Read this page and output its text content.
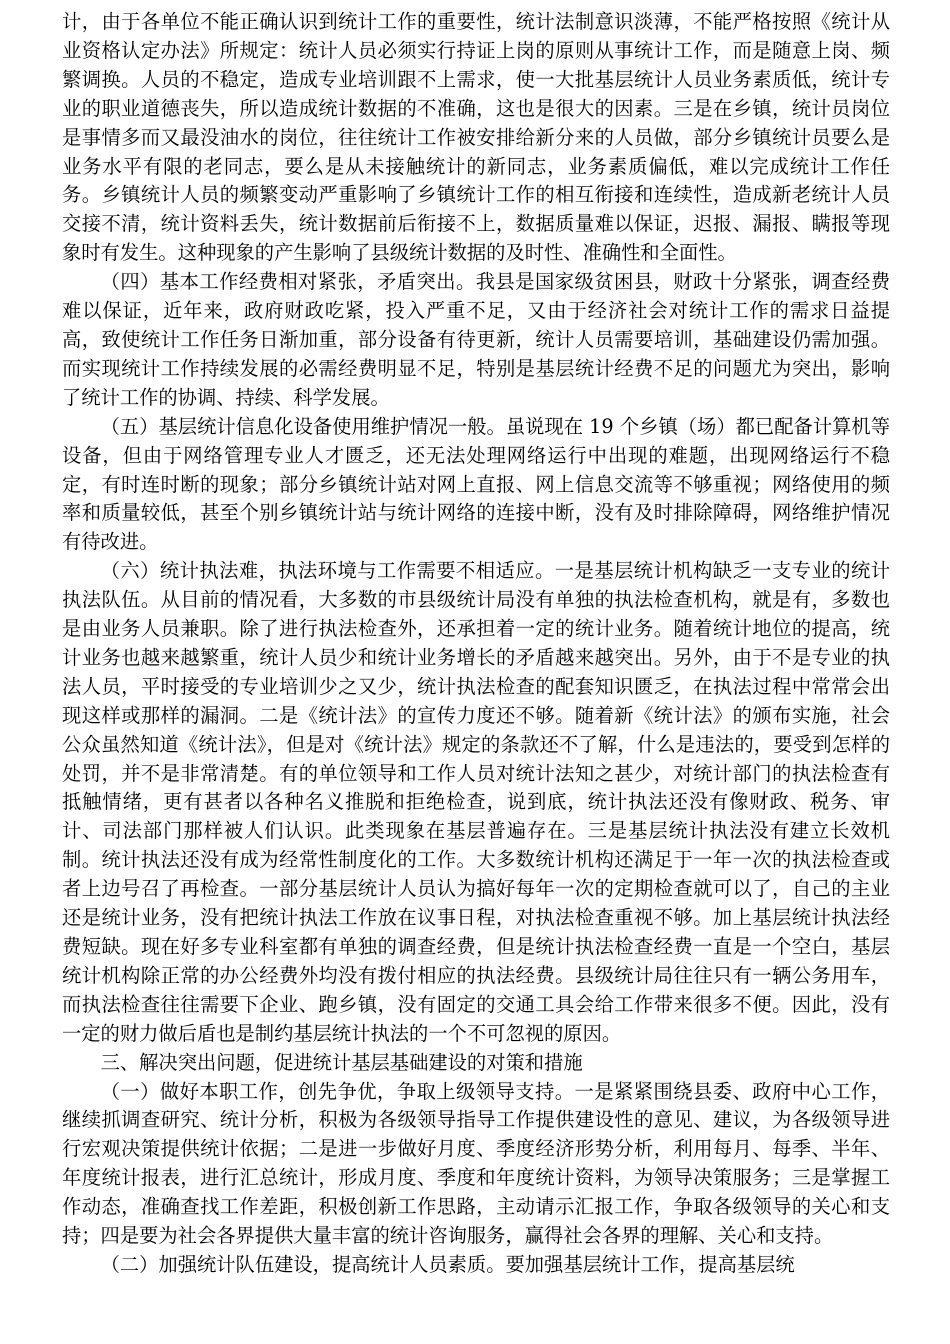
计，由于各单位不能正确认识到统计工作的重要性，统计法制意识淡薄，不能严格按照《统计从业资格认定办法》所规定：统计人员必须实行持证上岗的原则从事统计工作，而是随意上岗、频繁调换。人员的不稳定，造成专业培训跟不上需求，使一大批基层统计人员业务素质低，统计专业的职业道德丧失，所以造成统计数据的不准确，这也是很大的因素。三是在乡镇，统计员岗位是事情多而又最没油水的岗位，往往统计工作被安排给新分来的人员做，部分乡镇统计员要么是业务水平有限的老同志，要么是从未接触统计的新同志，业务素质偏低，难以完成统计工作任务。乡镇统计人员的频繁变动严重影响了乡镇统计工作的相互衔接和连续性，造成新老统计人员交接不清，统计资料丢失，统计数据前后衔接不上，数据质量难以保证，迟报、漏报、瞒报等现象时有发生。这种现象的产生影响了县级统计数据的及时性、准确性和全面性。

（四）基本工作经费相对紧张，矛盾突出。我县是国家级贫困县，财政十分紧张，调查经费难以保证，近年来，政府财政吃紧，投入严重不足，又由于经济社会对统计工作的需求日益提高，致使统计工作任务日渐加重，部分设备有待更新，统计人员需要培训，基础建设仍需加强。而实现统计工作持续发展的必需经费明显不足，特别是基层统计经费不足的问题尤为突出，影响了统计工作的协调、持续、科学发展。

（五）基层统计信息化设备使用维护情况一般。虽说现在 19 个乡镇（场）都已配备计算机等设备，但由于网络管理专业人才匮乏，还无法处理网络运行中出现的难题，出现网络运行不稳定，有时连时断的现象；部分乡镇统计站对网上直报、网上信息交流等不够重视；网络使用的频率和质量较低，甚至个别乡镇统计站与统计网络的连接中断，没有及时排除障碍，网络维护情况有待改进。

（六）统计执法难，执法环境与工作需要不相适应。一是基层统计机构缺乏一支专业的统计执法队伍。从目前的情况看，大多数的市县级统计局没有单独的执法检查机构，就是有，多数也是由业务人员兼职。除了进行执法检查外，还承担着一定的统计业务。随着统计地位的提高，统计业务也越来越繁重，统计人员少和统计业务增长的矛盾越来越突出。另外，由于不是专业的执法人员，平时接受的专业培训少之又少，统计执法检查的配套知识匮乏，在执法过程中常常会出现这样或那样的漏洞。二是《统计法》的宣传力度还不够。随着新《统计法》的颁布实施，社会公众虽然知道《统计法》，但是对《统计法》规定的条款还不了解，什么是违法的，要受到怎样的处罚，并不是非常清楚。有的单位领导和工作人员对统计法知之甚少，对统计部门的执法检查有抵触情绪，更有甚者以各种名义推脱和拒绝检查，说到底，统计执法还没有像财政、税务、审计、司法部门那样被人们认识。此类现象在基层普遍存在。三是基层统计执法没有建立长效机制。统计执法还没有成为经常性制度化的工作。大多数统计机构还满足于一年一次的执法检查或者上边号召了再检查。一部分基层统计人员认为搞好每年一次的定期检查就可以了，自己的主业还是统计业务，没有把统计执法工作放在议事日程，对执法检查重视不够。加上基层统计执法经费短缺。现在好多专业科室都有单独的调查经费，但是统计执法检查经费一直是一个空白，基层统计机构除正常的办公经费外均没有拨付相应的执法经费。县级统计局往往只有一辆公务用车，而执法检查往往需要下企业、跑乡镇，没有固定的交通工具会给工作带来很多不便。因此，没有一定的财力做后盾也是制约基层统计执法的一个不可忽视的原因。

三、解决突出问题，促进统计基层基础建设的对策和措施

（一）做好本职工作，创先争优，争取上级领导支持。一是紧紧围绕县委、政府中心工作，继续抓调查研究、统计分析，积极为各级领导指导工作提供建设性的意见、建议，为各级领导进行宏观决策提供统计依据；二是进一步做好月度、季度经济形势分析，利用每月、每季、半年、年度统计报表，进行汇总统计，形成月度、季度和年度统计资料，为领导决策服务；三是掌握工作动态，准确查找工作差距，积极创新工作思路，主动请示汇报工作，争取各级领导的关心和支持；四是要为社会各界提供大量丰富的统计咨询服务，赢得社会各界的理解、关心和支持。

（二）加强统计队伍建设，提高统计人员素质。要加强基层统计工作，提高基层统
